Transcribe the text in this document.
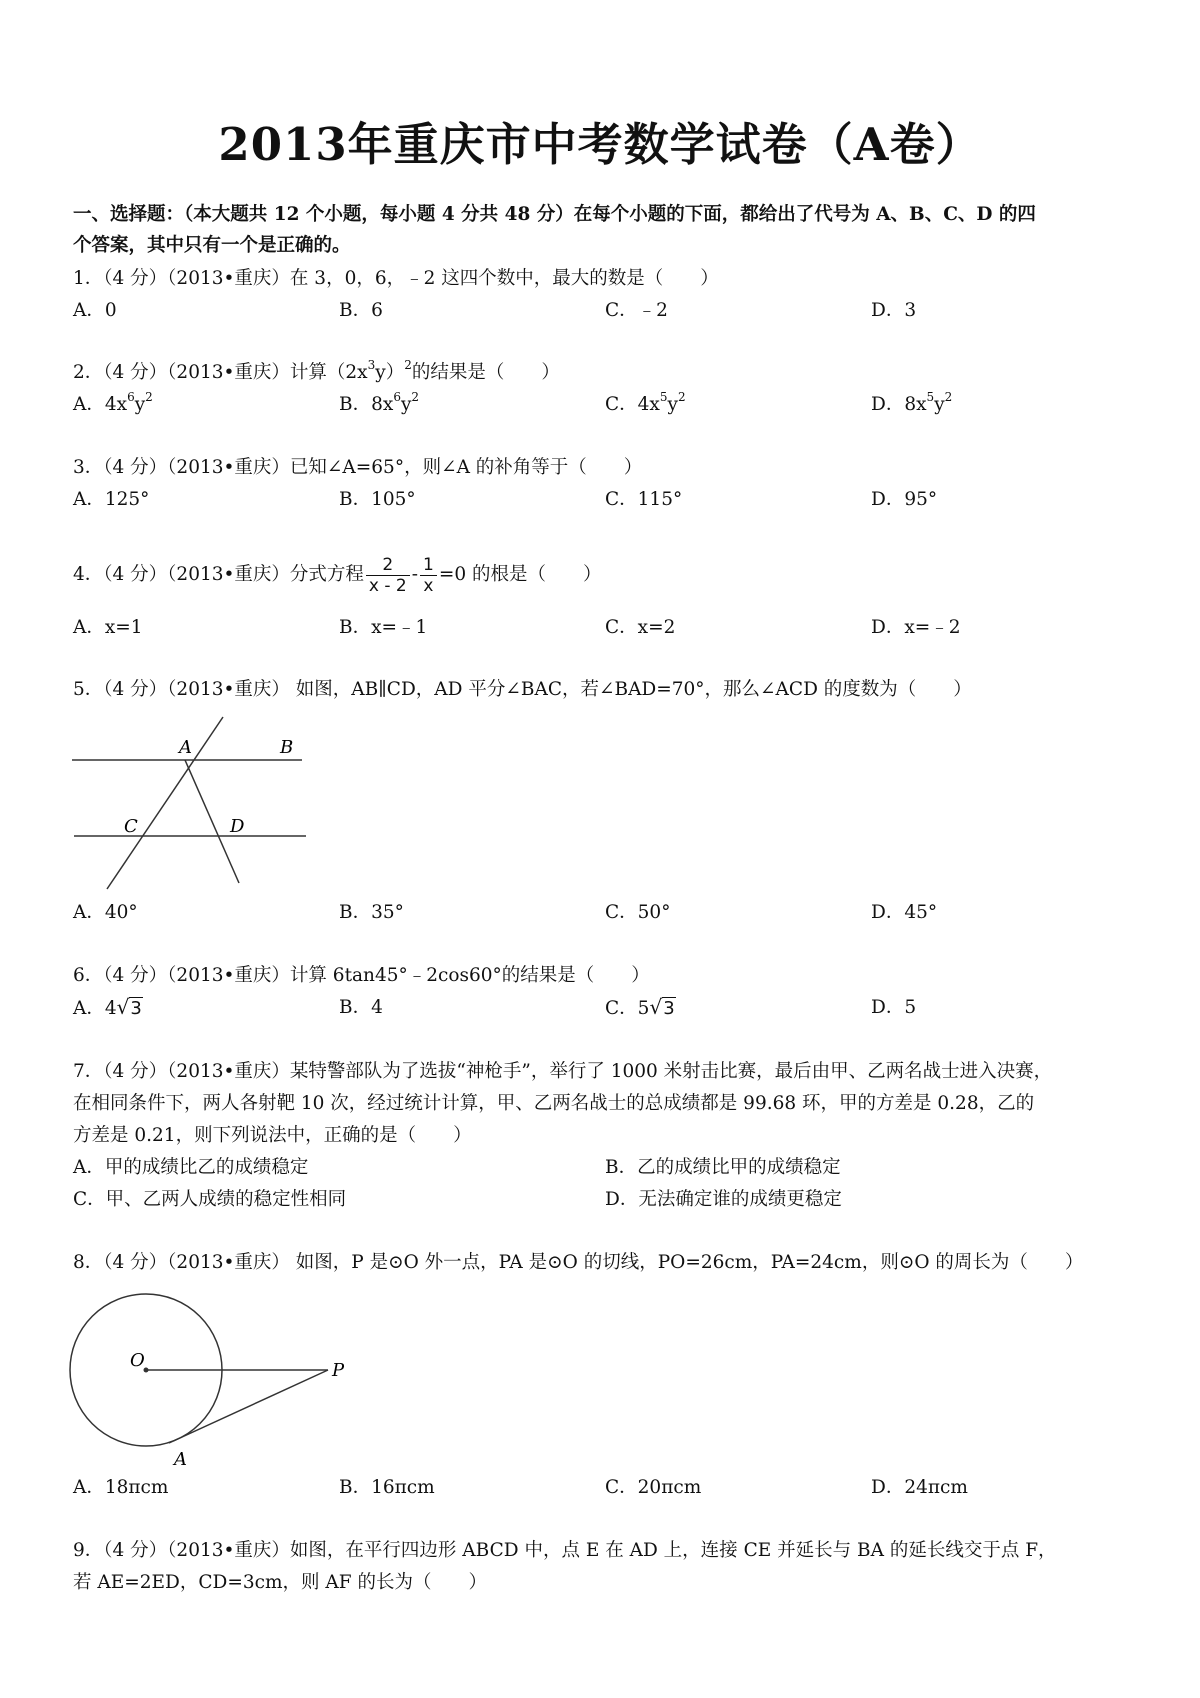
2013年重庆市中考数学试卷（A卷）
一、选择题：（本大题共 12 个小题，每小题 4 分共 48 分）在每个小题的下面，都给出了代号为 A、B、C、D 的四
个答案，其中只有一个是正确的。
1．（4 分）（2013•重庆）在 3，0，6，﹣2 这四个数中，最大的数是（　　）
A．0	B．6	C．﹣2	D．3
2．（4 分）（2013•重庆）计算$(2x^3y)^2$的结果是（　　）
A．$4x^6y^2$	B．$8x^6y^2$	C．$4x^5y^2$	D．$8x^5y^2$
3．（4 分）（2013•重庆）已知∠A=65°，则∠A 的补角等于（　　）
A．125°	B．105°	C．115°	D．95°
4．（4 分）（2013•重庆）分式方程 $\frac{2}{x - 2} - \frac{1}{x} =0$ 的根是（　　）
A．x=1	B．x=﹣1	C．x=2	D．x=﹣2
5．（4 分）（2013•重庆） 如图，AB∥CD，AD 平分∠BAC，若∠BAD=70°，那么∠ACD 的度数为（　　）
A	B
C	D
A．40°	B．35°	C．50°	D．45°
6．（4 分）（2013•重庆）计算 6tan45°﹣2cos60°的结果是（　　）
A．4√3	B．4	C．5√3	D．5
7．（4 分）（2013•重庆）某特警部队为了选拔“神枪手”，举行了 1000 米射击比赛，最后由甲、乙两名战士进入决赛，
在相同条件下，两人各射靶 10 次，经过统计计算，甲、乙两名战士的总成绩都是 99.68 环，甲的方差是 0.28，乙的
方差是 0.21，则下列说法中，正确的是（　　）
A．甲的成绩比乙的成绩稳定	B．乙的成绩比甲的成绩稳定
C．甲、乙两人成绩的稳定性相同	D．无法确定谁的成绩更稳定
8．（4 分）（2013•重庆） 如图，P 是⊙O 外一点，PA 是⊙O 的切线，PO=26cm，PA=24cm，则⊙O 的周长为（　　）
O	P
A
A．18πcm	B．16πcm	C．20πcm	D．24πcm
9．（4 分）（2013•重庆）如图，在平行四边形 ABCD 中，点 E 在 AD 上，连接 CE 并延长与 BA 的延长线交于点 F，
若 AE=2ED，CD=3cm，则 AF 的长为（　　）
